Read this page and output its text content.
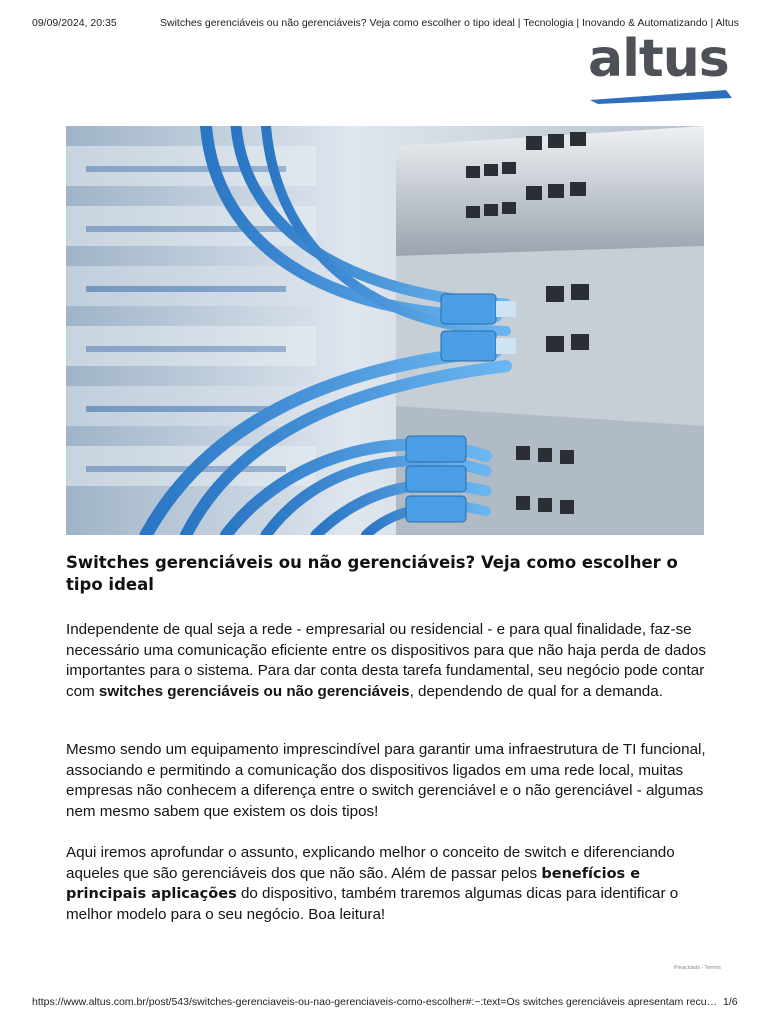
09/09/2024, 20:35	Switches gerenciáveis ou não gerenciáveis? Veja como escolher o tipo ideal | Tecnologia | Inovando & Automatizando | Altus
altus
Switches gerenciáveis ou não gerenciáveis? Veja como escolher o tipo ideal

Independente de qual seja a rede - empresarial ou residencial - e para qual finalidade, faz-se necessário uma comunicação eficiente entre os dispositivos para que não haja perda de dados importantes para o sistema. Para dar conta desta tarefa fundamental, seu negócio pode contar com switches gerenciáveis ou não gerenciáveis, dependendo de qual for a demanda.

Mesmo sendo um equipamento imprescindível para garantir uma infraestrutura de TI funcional, associando e permitindo a comunicação dos dispositivos ligados em uma rede local, muitas empresas não conhecem a diferença entre o switch gerenciável e o não gerenciável - algumas nem mesmo sabem que existem os dois tipos!

Aqui iremos aprofundar o assunto, explicando melhor o conceito de switch e diferenciando aqueles que são gerenciáveis dos que não são. Além de passar pelos benefícios e principais aplicações do dispositivo, também traremos algumas dicas para identificar o melhor modelo para o seu negócio. Boa leitura!

Privacidade - Termos
https://www.altus.com.br/post/543/switches-gerenciaveis-ou-nao-gerenciaveis-como-escolher#:~:text=Os switches gerenciáveis apresentam recu… 1/6
